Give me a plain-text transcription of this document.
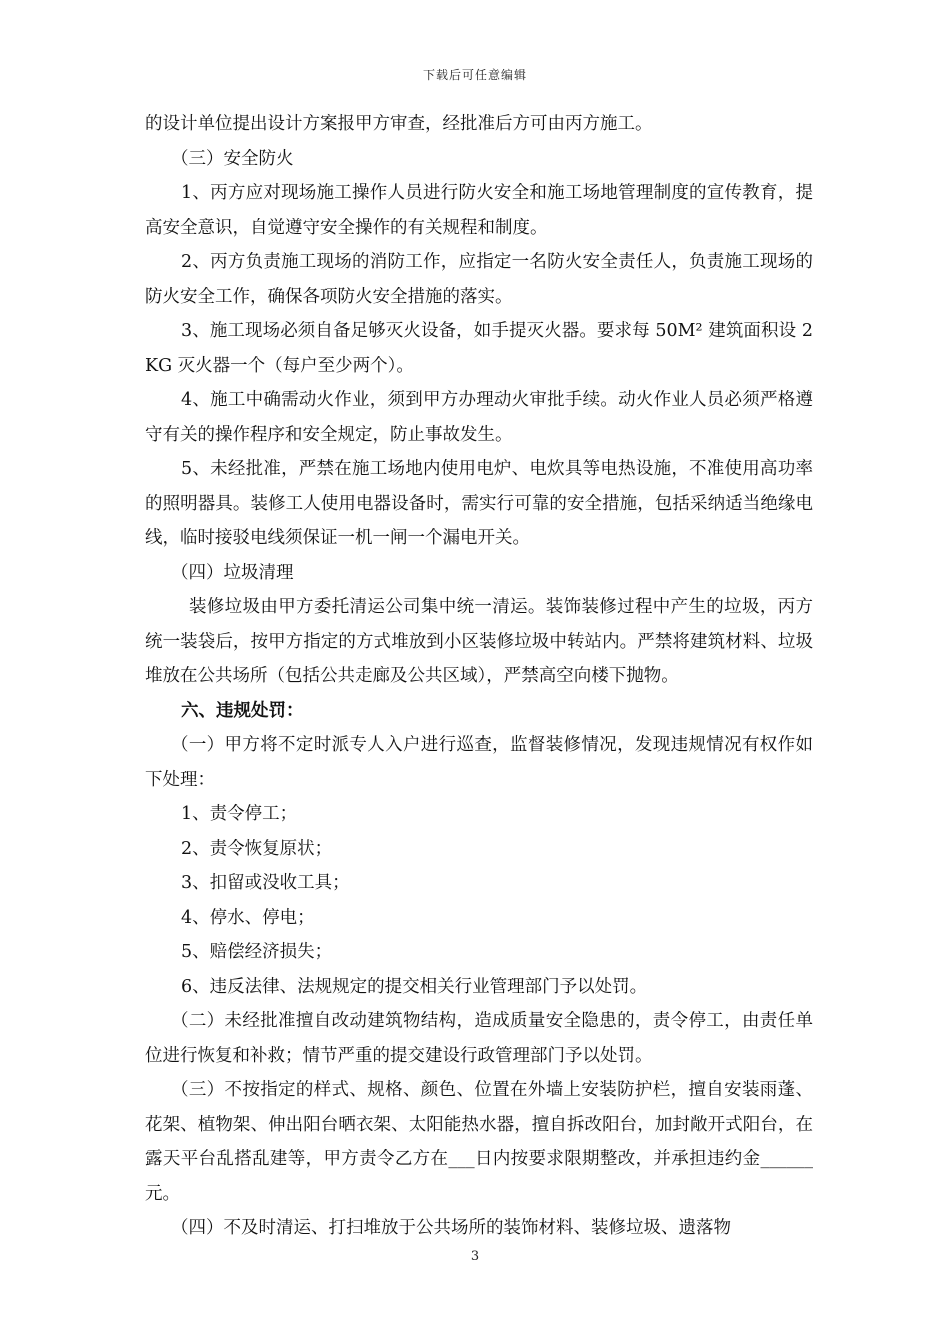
下载后可任意编辑

的设计单位提出设计方案报甲方审查，经批准后方可由丙方施工。

（三）安全防火

1、丙方应对现场施工操作人员进行防火安全和施工场地管理制度的宣传教育，提高安全意识，自觉遵守安全操作的有关规程和制度。

2、丙方负责施工现场的消防工作，应指定一名防火安全责任人，负责施工现场的防火安全工作，确保各项防火安全措施的落实。

3、施工现场必须自备足够灭火设备，如手提灭火器。要求每 50M² 建筑面积设 2KG 灭火器一个（每户至少两个）。

4、施工中确需动火作业，须到甲方办理动火审批手续。动火作业人员必须严格遵守有关的操作程序和安全规定，防止事故发生。

5、未经批准，严禁在施工场地内使用电炉、电炊具等电热设施，不准使用高功率的照明器具。装修工人使用电器设备时，需实行可靠的安全措施，包括采纳适当绝缘电线，临时接驳电线须保证一机一闸一个漏电开关。

（四）垃圾清理

装修垃圾由甲方委托清运公司集中统一清运。装饰装修过程中产生的垃圾，丙方统一装袋后，按甲方指定的方式堆放到小区装修垃圾中转站内。严禁将建筑材料、垃圾堆放在公共场所（包括公共走廊及公共区域），严禁高空向楼下抛物。

六、违规处罚：

（一）甲方将不定时派专人入户进行巡查，监督装修情况，发现违规情况有权作如下处理：

1、责令停工；

2、责令恢复原状；

3、扣留或没收工具；

4、停水、停电；

5、赔偿经济损失；

6、违反法律、法规规定的提交相关行业管理部门予以处罚。

（二）未经批准擅自改动建筑物结构，造成质量安全隐患的，责令停工，由责任单位进行恢复和补救；情节严重的提交建设行政管理部门予以处罚。

（三）不按指定的样式、规格、颜色、位置在外墙上安装防护栏，擅自安装雨蓬、花架、植物架、伸出阳台晒衣架、太阳能热水器，擅自拆改阳台，加封敞开式阳台，在露天平台乱搭乱建等，甲方责令乙方在___日内按要求限期整改，并承担违约金______元。

（四）不及时清运、打扫堆放于公共场所的装饰材料、装修垃圾、遗落物

3
